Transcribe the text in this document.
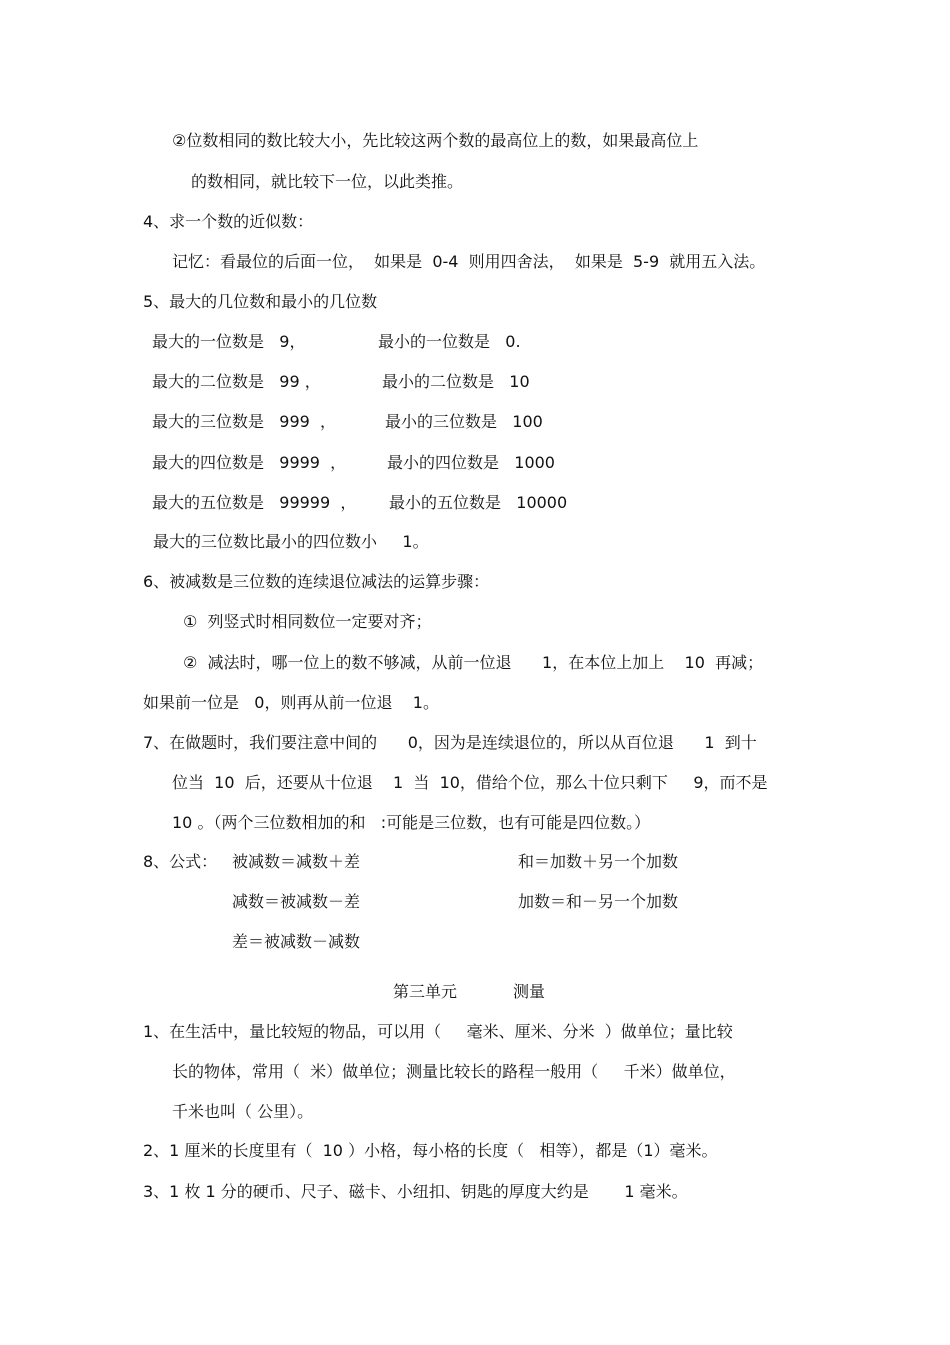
②位数相同的数比较大小，先比较这两个数的最高位上的数，如果最高位上
的数相同，就比较下一位，以此类推。
4、求一个数的近似数：
记忆：看最位的后面一位，  如果是  0-4  则用四舍法，  如果是  5-9  就用五入法。
5、最大的几位数和最小的几位数
最大的一位数是   9，	最小的一位数是   0.
最大的二位数是   99 ，	最小的二位数是   10
最大的三位数是   999  ，	最小的三位数是   100
最大的四位数是   9999  ，	最小的四位数是   1000
最大的五位数是   99999  ， 最小的五位数是   10000
最大的三位数比最小的四位数小     1。
6、被减数是三位数的连续退位减法的运算步骤：
①  列竖式时相同数位一定要对齐；
②  减法时，哪一位上的数不够减，从前一位退      1，在本位上加上    10  再减；
如果前一位是   0，则再从前一位退    1。
7、在做题时，我们要注意中间的      0，因为是连续退位的，所以从百位退      1  到十
位当  10  后，还要从十位退    1  当  10，借给个位，那么十位只剩下     9，而不是
10 。（两个三位数相加的和   :可能是三位数，也有可能是四位数。）
8、公式： 被减数＝减数＋差	和＝加数＋另一个加数
减数＝被减数－差	加数＝和－另一个加数
差＝被减数－减数
第三单元           测量
1、在生活中，量比较短的物品，可以用（     毫米、厘米、分米  ）做单位；量比较
长的物体，常用（  米）做单位；测量比较长的路程一般用（     千米）做单位，
千米也叫（ 公里）。
2、1 厘米的长度里有（  10 ）小格，每小格的长度（   相等），都是（1）毫米。
3、1 枚 1 分的硬币、尺子、磁卡、小纽扣、钥匙的厚度大约是       1 毫米。
